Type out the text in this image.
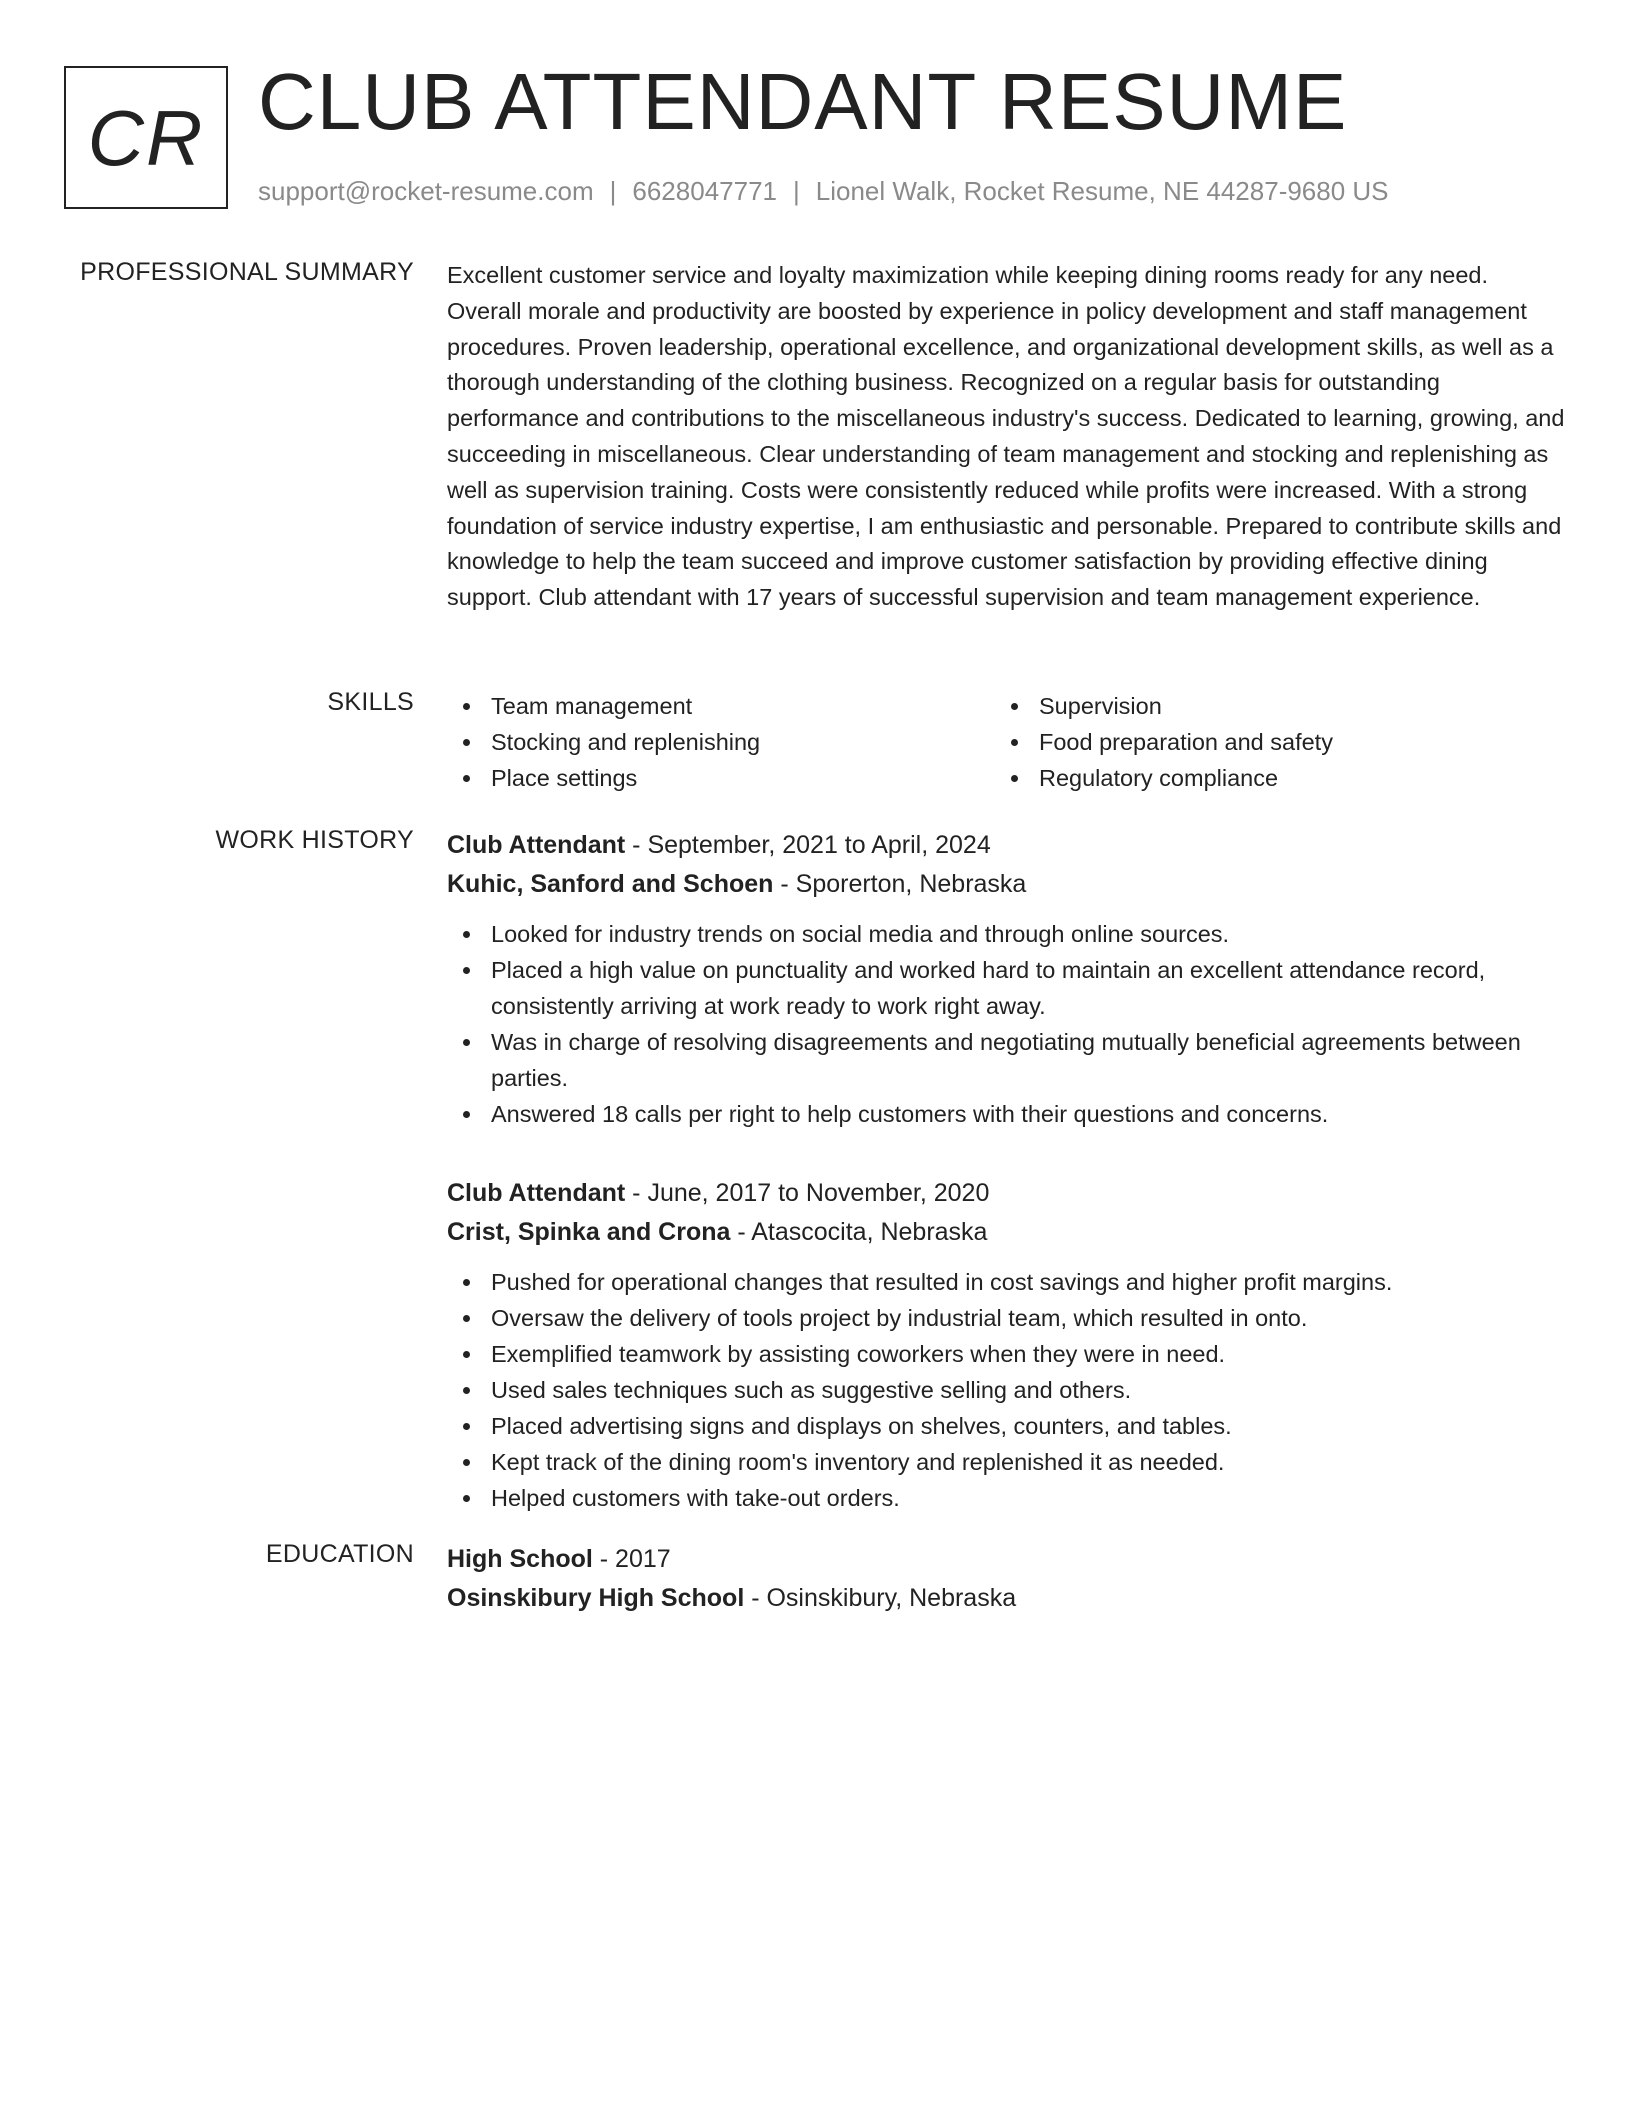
CR CLUB ATTENDANT RESUME
support@rocket-resume.com | 6628047771 | Lionel Walk, Rocket Resume, NE 44287-9680 US
PROFESSIONAL SUMMARY Excellent customer service and loyalty maximization while keeping dining rooms ready for any need. Overall morale and productivity are boosted by experience in policy development and staff management procedures. Proven leadership, operational excellence, and organizational development skills, as well as a thorough understanding of the clothing business. Recognized on a regular basis for outstanding performance and contributions to the miscellaneous industry's success. Dedicated to learning, growing, and succeeding in miscellaneous. Clear understanding of team management and stocking and replenishing as well as supervision training. Costs were consistently reduced while profits were increased. With a strong foundation of service industry expertise, I am enthusiastic and personable. Prepared to contribute skills and knowledge to help the team succeed and improve customer satisfaction by providing effective dining support. Club attendant with 17 years of successful supervision and team management experience.
SKILLS	Team management
Stocking and replenishing
Place settings
Supervision
Food preparation and safety
Regulatory compliance
WORK HISTORY Club Attendant - September, 2021 to April, 2024
Kuhic, Sanford and Schoen - Sporerton, Nebraska
Looked for industry trends on social media and through online sources.
Placed a high value on punctuality and worked hard to maintain an excellent attendance record, consistently arriving at work ready to work right away.
Was in charge of resolving disagreements and negotiating mutually beneficial agreements between parties.
Answered 18 calls per right to help customers with their questions and concerns.
Club Attendant - June, 2017 to November, 2020
Crist, Spinka and Crona - Atascocita, Nebraska
Pushed for operational changes that resulted in cost savings and higher profit margins.
Oversaw the delivery of tools project by industrial team, which resulted in onto.
Exemplified teamwork by assisting coworkers when they were in need.
Used sales techniques such as suggestive selling and others.
Placed advertising signs and displays on shelves, counters, and tables.
Kept track of the dining room's inventory and replenished it as needed.
Helped customers with take-out orders.
EDUCATION High School - 2017
Osinskibury High School - Osinskibury, Nebraska
